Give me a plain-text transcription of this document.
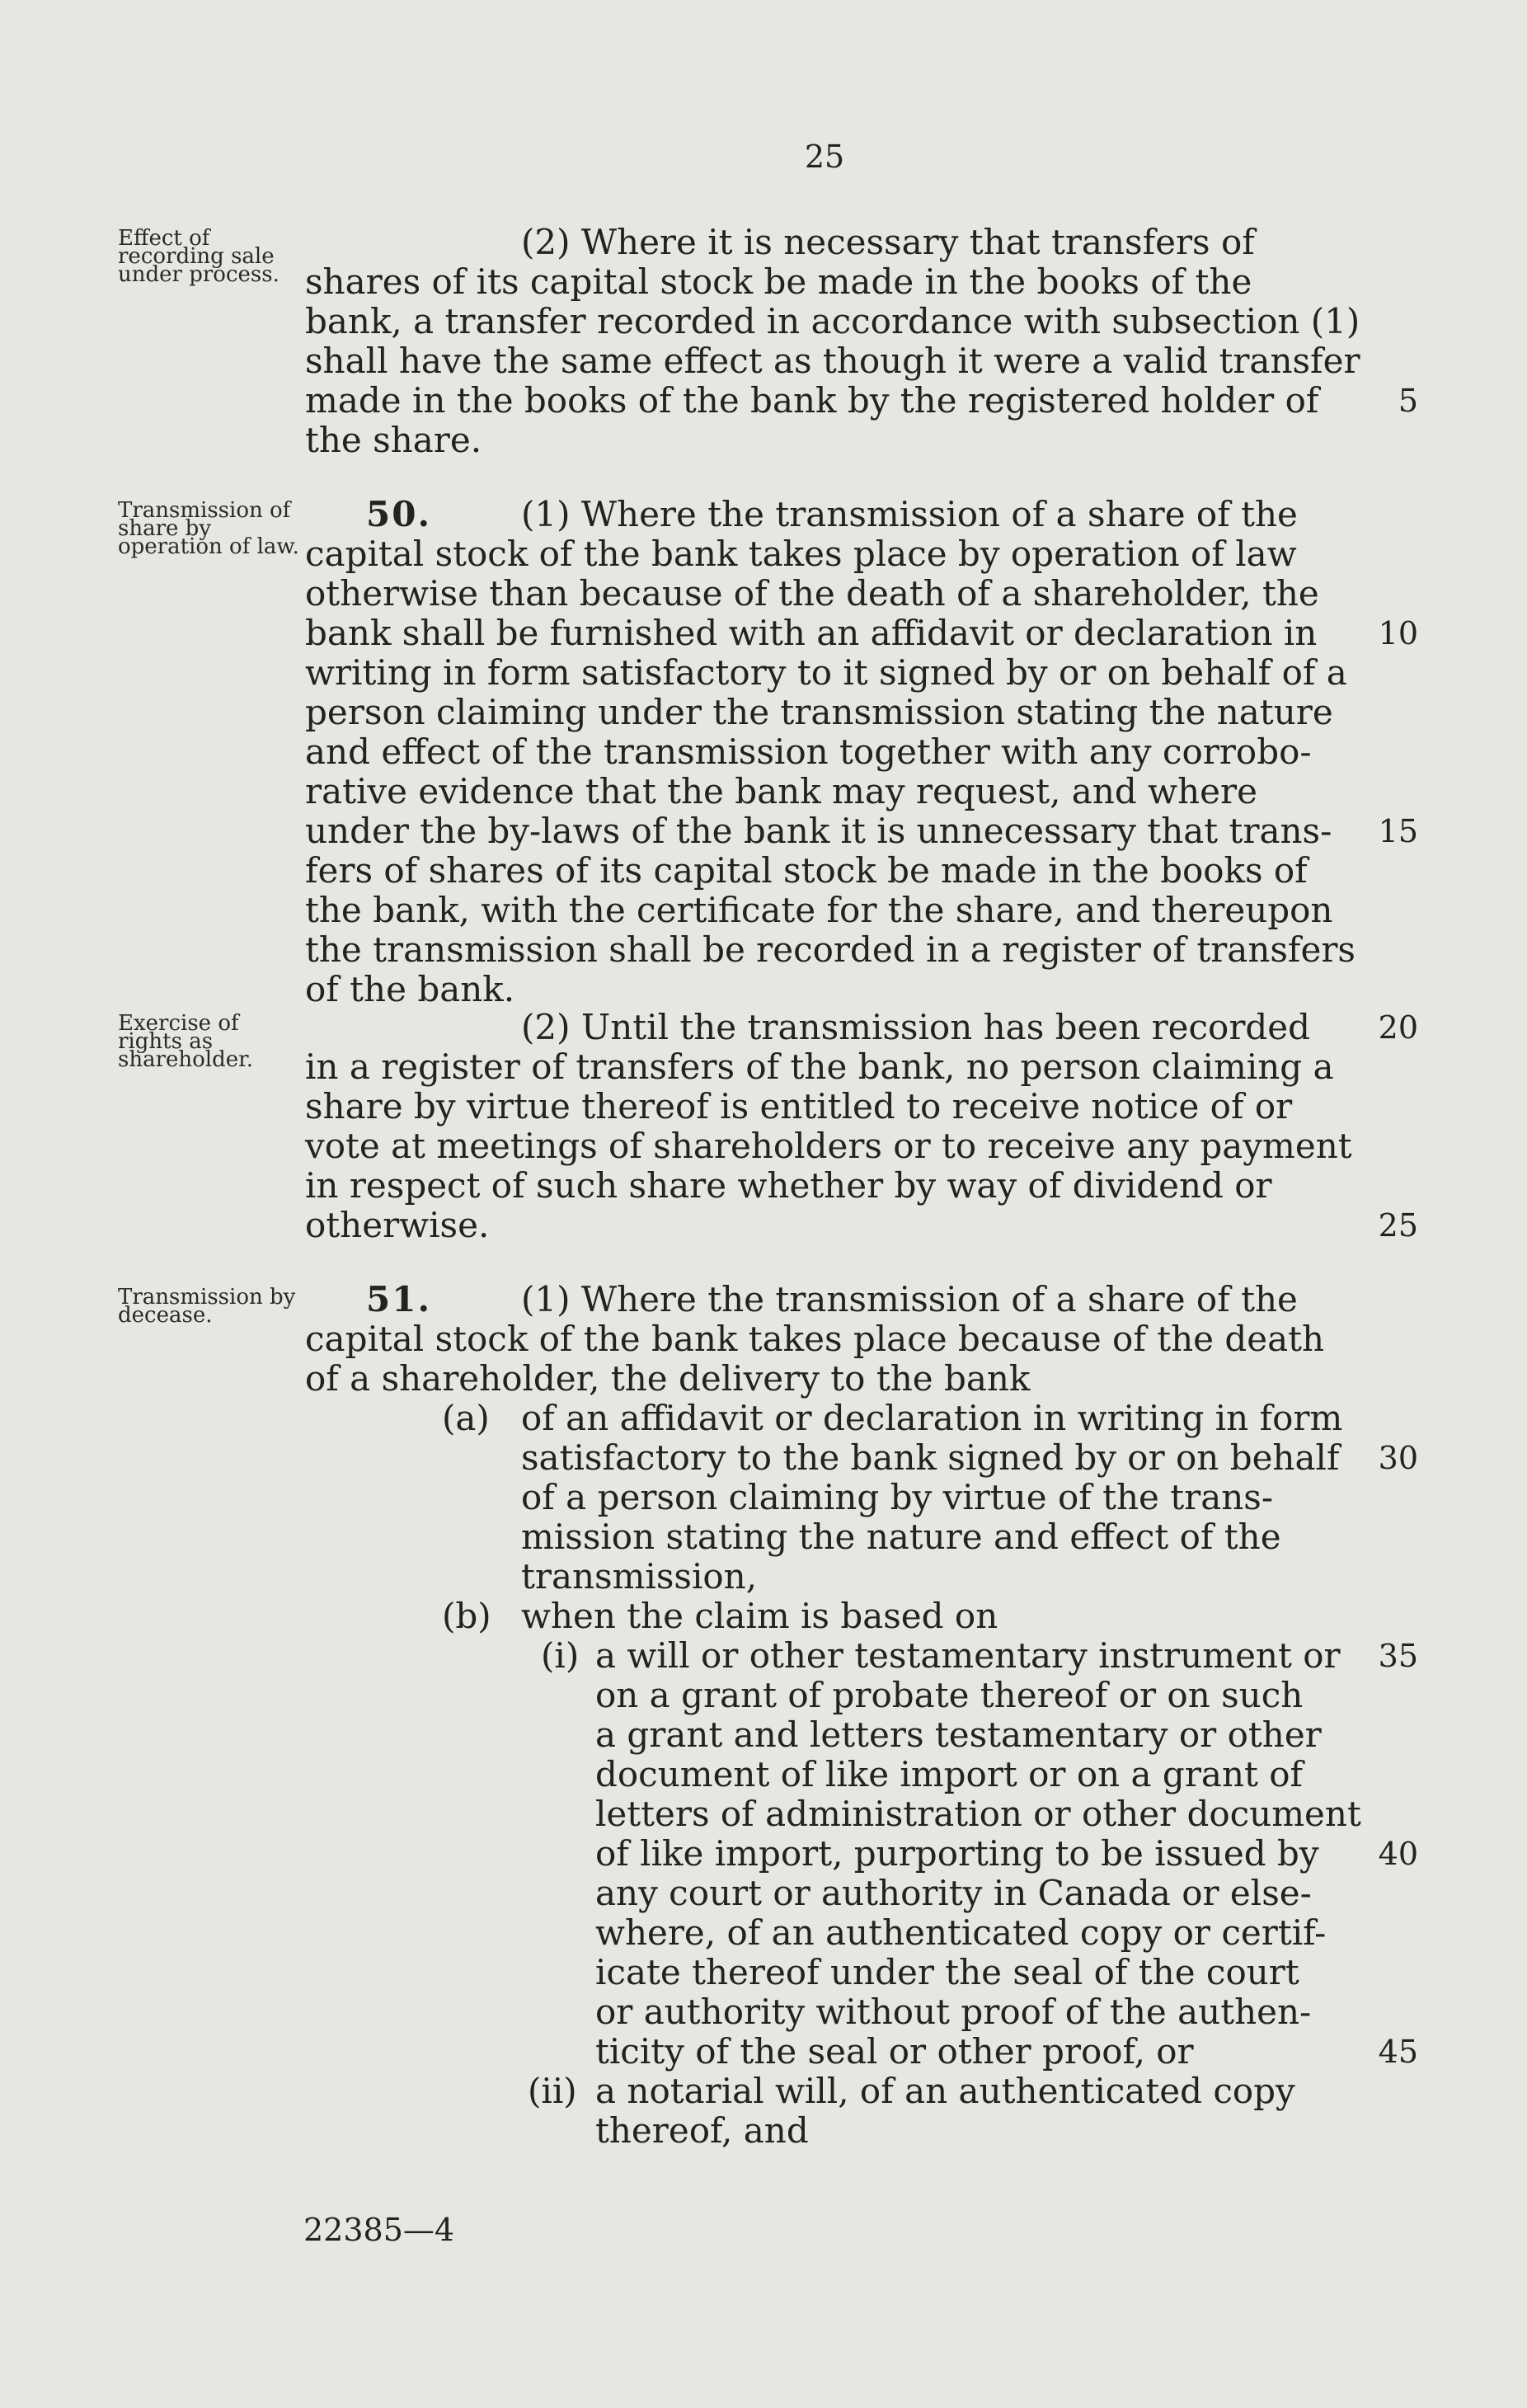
25
Effect of recording sale under process.
Transmission of share by operation of law.
Exercise of rights as shareholder.
Transmission by decease.
(2) Where it is necessary that transfers of
shares of its capital stock be made in the books of the
bank, a transfer recorded in accordance with subsection (1)
shall have the same effect as though it were a valid transfer
made in the books of the bank by the registered holder of
the share.
50.	(1) Where the transmission of a share of the
capital stock of the bank takes place by operation of law
otherwise than because of the death of a shareholder, the
bank shall be furnished with an affidavit or declaration in
writing in form satisfactory to it signed by or on behalf of a
person claiming under the transmission stating the nature
and effect of the transmission together with any corrobo-
rative evidence that the bank may request, and where
under the by-laws of the bank it is unnecessary that trans-
fers of shares of its capital stock be made in the books of
the bank, with the certificate for the share, and thereupon
the transmission shall be recorded in a register of transfers
of the bank.
(2) Until the transmission has been recorded
in a register of transfers of the bank, no person claiming a
share by virtue thereof is entitled to receive notice of or
vote at meetings of shareholders or to receive any payment
in respect of such share whether by way of dividend or
otherwise.
51.	(1) Where the transmission of a share of the
capital stock of the bank takes place because of the death
of a shareholder, the delivery to the bank
(a) of an affidavit or declaration in writing in form
satisfactory to the bank signed by or on behalf
of a person claiming by virtue of the trans-
mission stating the nature and effect of the
transmission,
(b) when the claim is based on
(i) a will or other testamentary instrument or
on a grant of probate thereof or on such
a grant and letters testamentary or other
document of like import or on a grant of
letters of administration or other document
of like import, purporting to be issued by
any court or authority in Canada or else-
where, of an authenticated copy or certif-
icate thereof under the seal of the court
or authority without proof of the authen-
ticity of the seal or other proof, or
(ii) a notarial will, of an authenticated copy
thereof, and
5
10
15
20
25
30
35
40
45
22385—4
